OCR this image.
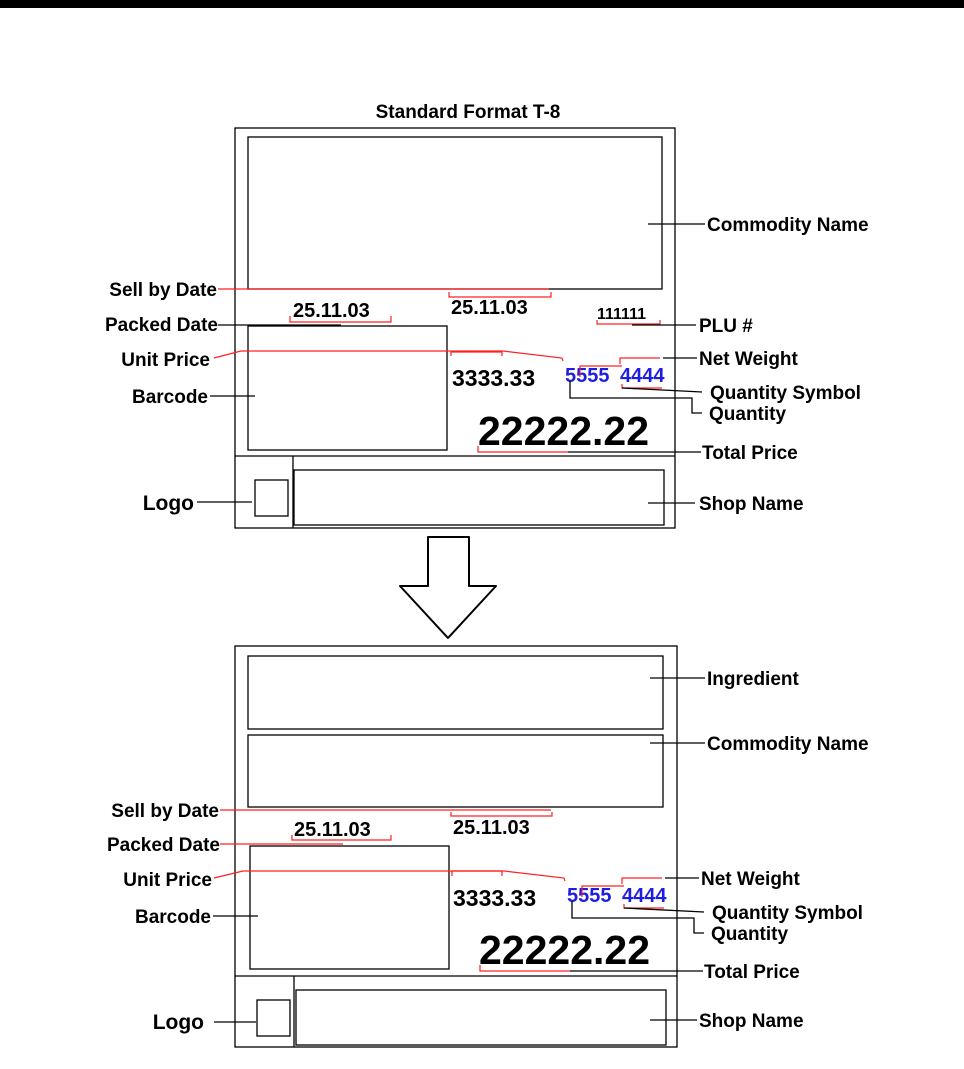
Standard Format T-8
25.11.03	25.11.03	111111
3333.33 5555 4444
22222.22
Commodity Name
Sell by Date
Packed Date	PLU #
Unit Price	Net Weight
Barcode	Quantity Symbol
Quantity
Total Price
Logo	Shop Name
25.11.03	25.11.03
3333.33 5555 4444
22222.22
Ingredient
Commodity Name
Sell by Date
Packed Date
Unit Price	Net Weight
Barcode	Quantity Symbol
Quantity
Total Price
Logo	Shop Name
